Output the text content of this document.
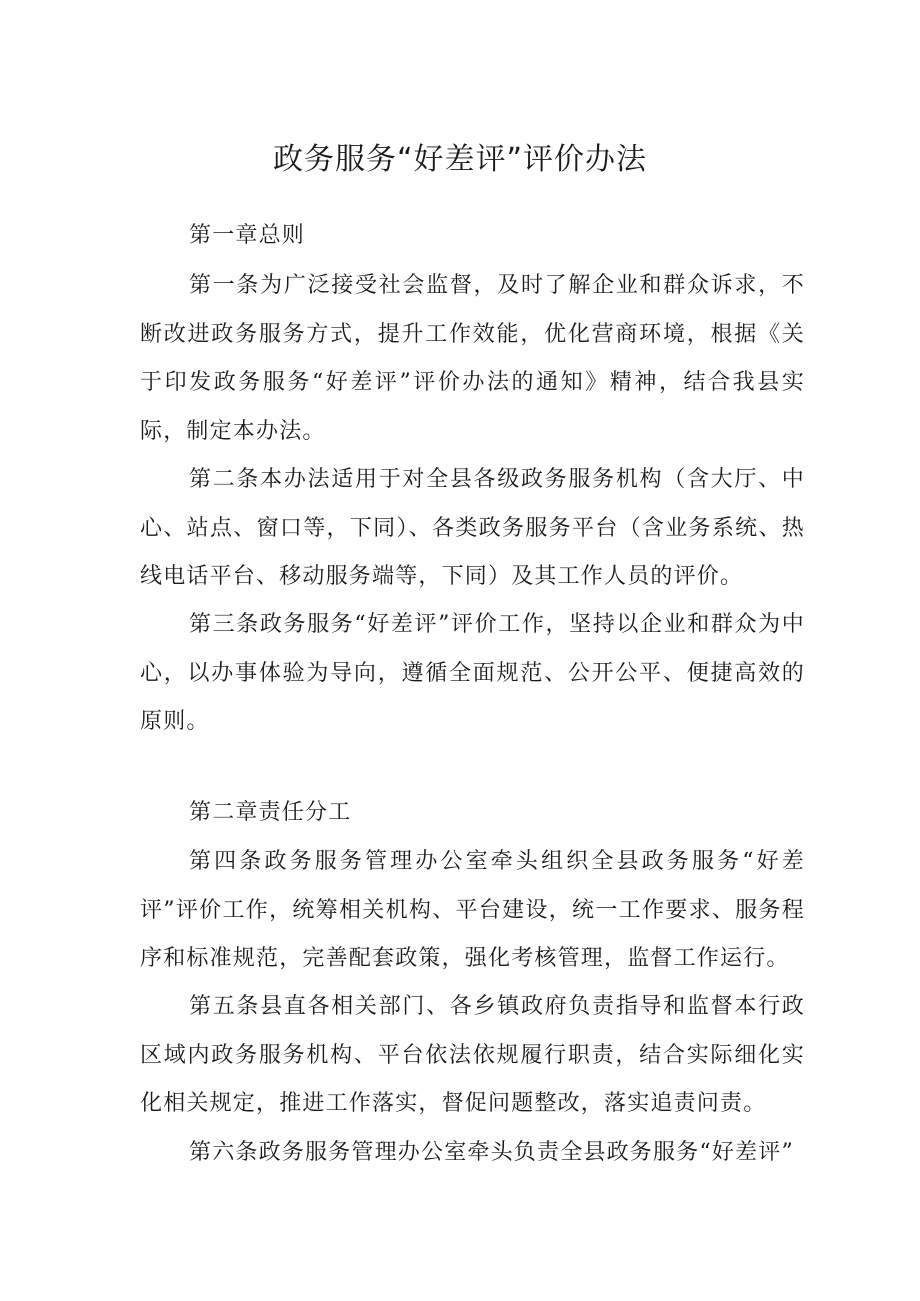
政务服务“好差评”评价办法
第一章总则

第一条为广泛接受社会监督，及时了解企业和群众诉求，不断改进政务服务方式，提升工作效能，优化营商环境，根据《关于印发政务服务“好差评”评价办法的通知》精神，结合我县实际，制定本办法。

第二条本办法适用于对全县各级政务服务机构（含大厅、中心、站点、窗口等，下同）、各类政务服务平台（含业务系统、热线电话平台、移动服务端等，下同）及其工作人员的评价。

第三条政务服务“好差评”评价工作，坚持以企业和群众为中心，以办事体验为导向，遵循全面规范、公开公平、便捷高效的原则。

第二章责任分工

第四条政务服务管理办公室牵头组织全县政务服务“好差评”评价工作，统筹相关机构、平台建设，统一工作要求、服务程序和标准规范，完善配套政策，强化考核管理，监督工作运行。

第五条县直各相关部门、各乡镇政府负责指导和监督本行政区域内政务服务机构、平台依法依规履行职责，结合实际细化实化相关规定，推进工作落实，督促问题整改，落实追责问责。

第六条政务服务管理办公室牵头负责全县政务服务“好差评”
